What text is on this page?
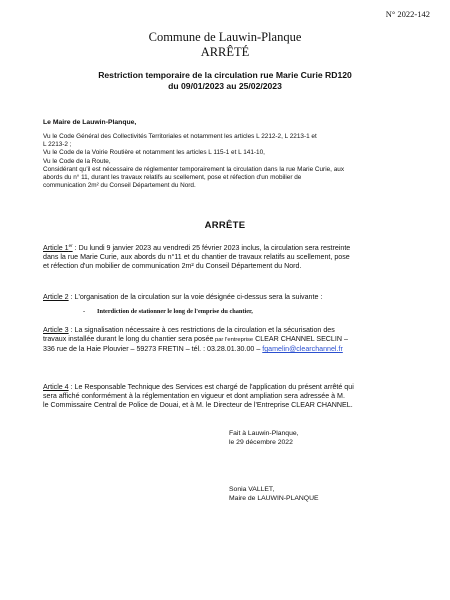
N° 2022-142
Commune de Lauwin-Planque
ARRÊTÉ
Restriction temporaire de la circulation rue Marie Curie RD120
du 09/01/2023 au 25/02/2023
Le Maire de Lauwin-Planque,
Vu le Code Général des Collectivités Territoriales et notamment les articles L 2212-2, L 2213-1 et
L 2213-2 ;
Vu le Code de la Voirie Routière et notamment les articles L 115-1 et L 141-10,
Vu le Code de la Route,
Considérant qu'il est nécessaire de réglementer temporairement la circulation dans la rue Marie Curie, aux
abords du n° 11, durant les travaux relatifs au scellement, pose et réfection d'un mobilier de
communication 2m² du Conseil Département du Nord.
ARRÊTE
Article 1er : Du lundi 9 janvier 2023 au vendredi 25 février 2023 inclus, la circulation sera restreinte
dans la rue Marie Curie, aux abords du n°11 et du chantier de travaux relatifs au scellement, pose
et réfection d'un mobilier de communication 2m² du Conseil Département du Nord.
Article 2 : L'organisation de la circulation sur la voie désignée ci-dessus sera la suivante :
- Interdiction de stationner le long de l'emprise du chantier,
Article 3 : La signalisation nécessaire à ces restrictions de la circulation et la sécurisation des
travaux installée durant le long du chantier sera posée par l'entreprise CLEAR CHANNEL SECLIN –
336 rue de la Haie Plouvier – 59273 FRETIN – tél. : 03.28.01.30.00 – fgamelin@clearchannel.fr
Article 4 : Le Responsable Technique des Services est chargé de l'application du présent arrêté qui
sera affiché conformément à la réglementation en vigueur et dont ampliation sera adressée à M.
le Commissaire Central de Police de Douai, et à M. le Directeur de l'Entreprise CLEAR CHANNEL.
Fait à Lauwin-Planque,
le 29 décembre 2022
Sonia VALLET,
Maire de LAUWIN-PLANQUE
